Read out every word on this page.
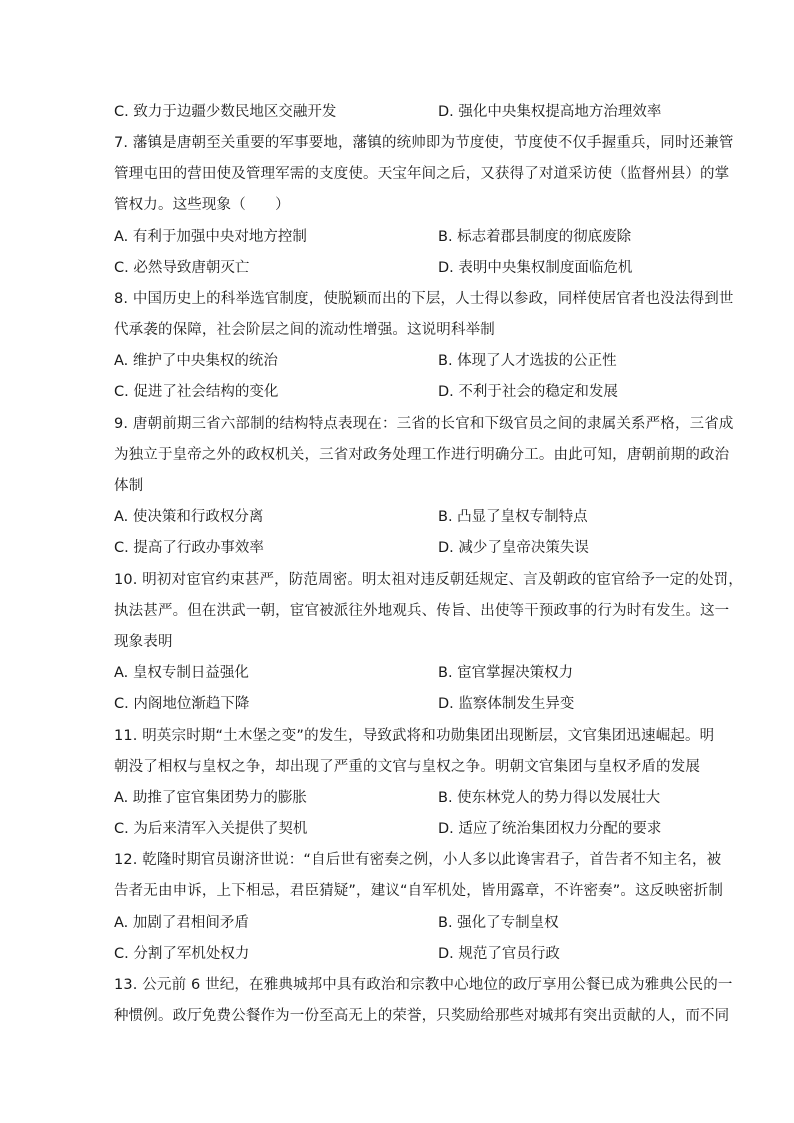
C. 致力于边疆少数民地区交融开发	D. 强化中央集权提高地方治理效率
7. 藩镇是唐朝至关重要的军事要地，藩镇的统帅即为节度使，节度使不仅手握重兵，同时还兼管
管理屯田的营田使及管理军需的支度使。天宝年间之后，又获得了对道采访使（监督州县）的掌
管权力。这些现象（　　）
A. 有利于加强中央对地方控制	B. 标志着郡县制度的彻底废除
C. 必然导致唐朝灭亡	D. 表明中央集权制度面临危机
8. 中国历史上的科举选官制度，使脱颖而出的下层，人士得以参政，同样使居官者也没法得到世
代承袭的保障，社会阶层之间的流动性增强。这说明科举制
A. 维护了中央集权的统治	B. 体现了人才选拔的公正性
C. 促进了社会结构的变化	D. 不利于社会的稳定和发展
9. 唐朝前期三省六部制的结构特点表现在：三省的长官和下级官员之间的隶属关系严格，三省成
为独立于皇帝之外的政权机关，三省对政务处理工作进行明确分工。由此可知，唐朝前期的政治
体制
A. 使决策和行政权分离	B. 凸显了皇权专制特点
C. 提高了行政办事效率	D. 减少了皇帝决策失误
10. 明初对宦官约束甚严，防范周密。明太祖对违反朝廷规定、言及朝政的宦官给予一定的处罚，
执法甚严。但在洪武一朝，宦官被派往外地观兵、传旨、出使等干预政事的行为时有发生。这一
现象表明
A. 皇权专制日益强化	B. 宦官掌握决策权力
C. 内阁地位渐趋下降	D. 监察体制发生异变
11. 明英宗时期“土木堡之变”的发生，导致武将和功勋集团出现断层，文官集团迅速崛起。明
朝没了相权与皇权之争，却出现了严重的文官与皇权之争。明朝文官集团与皇权矛盾的发展
A. 助推了宦官集团势力的膨胀	B. 使东林党人的势力得以发展壮大
C. 为后来清军入关提供了契机	D. 适应了统治集团权力分配的要求
12. 乾隆时期官员谢济世说：“自后世有密奏之例，小人多以此谗害君子，首告者不知主名，被
告者无由申诉，上下相忌，君臣猜疑”，建议“自军机处，皆用露章，不许密奏”。这反映密折制
A. 加剧了君相间矛盾	B. 强化了专制皇权
C. 分割了军机处权力	D. 规范了官员行政
13. 公元前 6 世纪，在雅典城邦中具有政治和宗教中心地位的政厅享用公餐已成为雅典公民的一
种惯例。政厅免费公餐作为一份至高无上的荣誉，只奖励给那些对城邦有突出贡献的人，而不同
